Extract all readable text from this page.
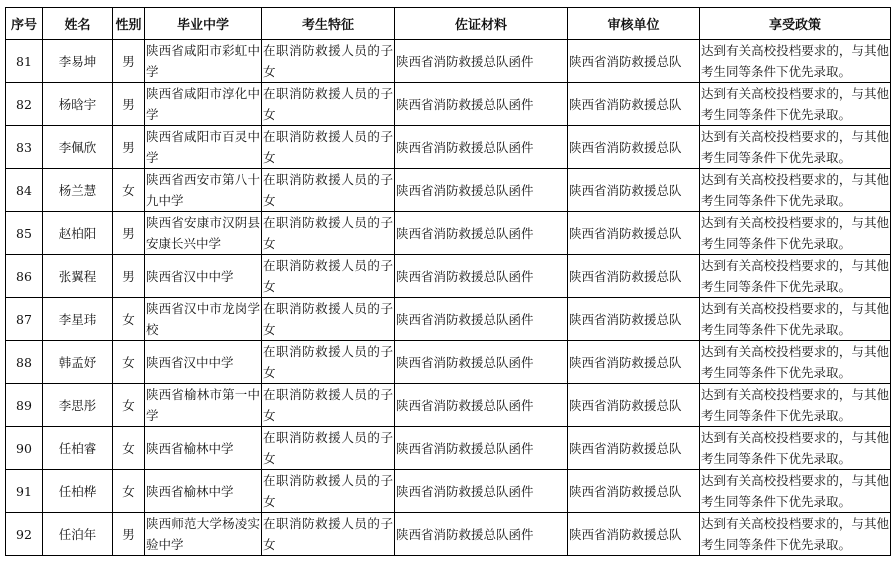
序号	姓名	性别	毕业中学	考生特征	佐证材料	审核单位	享受政策
81	李易坤	男	陕西省咸阳市彩虹中学	在职消防救援人员的子女	陕西省消防救援总队函件	陕西省消防救援总队	达到有关高校投档要求的，与其他考生同等条件下优先录取。
82	杨晗宇	男	陕西省咸阳市淳化中学	在职消防救援人员的子女	陕西省消防救援总队函件	陕西省消防救援总队	达到有关高校投档要求的，与其他考生同等条件下优先录取。
83	李佩欣	男	陕西省咸阳市百灵中学	在职消防救援人员的子女	陕西省消防救援总队函件	陕西省消防救援总队	达到有关高校投档要求的，与其他考生同等条件下优先录取。
84	杨兰慧	女	陕西省西安市第八十九中学	在职消防救援人员的子女	陕西省消防救援总队函件	陕西省消防救援总队	达到有关高校投档要求的，与其他考生同等条件下优先录取。
85	赵柏阳	男	陕西省安康市汉阴县安康长兴中学	在职消防救援人员的子女	陕西省消防救援总队函件	陕西省消防救援总队	达到有关高校投档要求的，与其他考生同等条件下优先录取。
86	张翼程	男	陕西省汉中中学	在职消防救援人员的子女	陕西省消防救援总队函件	陕西省消防救援总队	达到有关高校投档要求的，与其他考生同等条件下优先录取。
87	李星玮	女	陕西省汉中市龙岗学校	在职消防救援人员的子女	陕西省消防救援总队函件	陕西省消防救援总队	达到有关高校投档要求的，与其他考生同等条件下优先录取。
88	韩孟妤	女	陕西省汉中中学	在职消防救援人员的子女	陕西省消防救援总队函件	陕西省消防救援总队	达到有关高校投档要求的，与其他考生同等条件下优先录取。
89	李思彤	女	陕西省榆林市第一中学	在职消防救援人员的子女	陕西省消防救援总队函件	陕西省消防救援总队	达到有关高校投档要求的，与其他考生同等条件下优先录取。
90	任柏睿	女	陕西省榆林中学	在职消防救援人员的子女	陕西省消防救援总队函件	陕西省消防救援总队	达到有关高校投档要求的，与其他考生同等条件下优先录取。
91	任柏桦	女	陕西省榆林中学	在职消防救援人员的子女	陕西省消防救援总队函件	陕西省消防救援总队	达到有关高校投档要求的，与其他考生同等条件下优先录取。
92	任泊年	男	陕西师范大学杨凌实验中学	在职消防救援人员的子女	陕西省消防救援总队函件	陕西省消防救援总队	达到有关高校投档要求的，与其他考生同等条件下优先录取。
